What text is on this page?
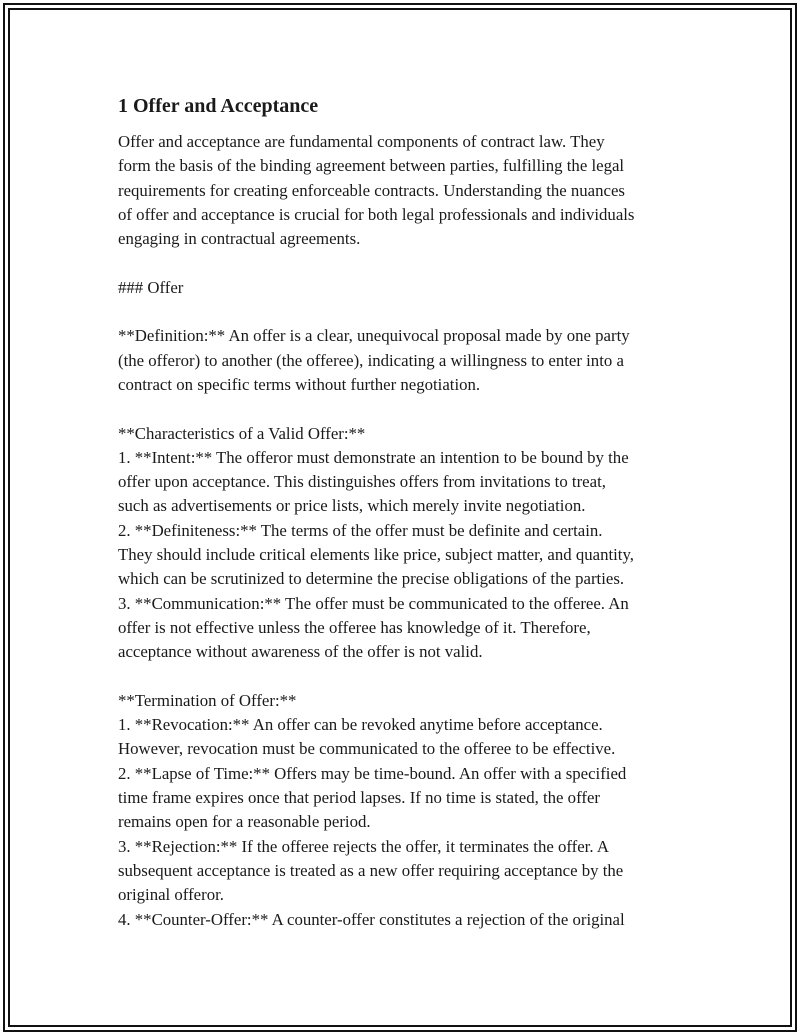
1 Offer and Acceptance
Offer and acceptance are fundamental components of contract law. They
form the basis of the binding agreement between parties, fulfilling the legal
requirements for creating enforceable contracts. Understanding the nuances
of offer and acceptance is crucial for both legal professionals and individuals
engaging in contractual agreements.
### Offer
**Definition:** An offer is a clear, unequivocal proposal made by one party
(the offeror) to another (the offeree), indicating a willingness to enter into a
contract on specific terms without further negotiation.
**Characteristics of a Valid Offer:**
1. **Intent:** The offeror must demonstrate an intention to be bound by the
offer upon acceptance. This distinguishes offers from invitations to treat,
such as advertisements or price lists, which merely invite negotiation.
2. **Definiteness:** The terms of the offer must be definite and certain.
They should include critical elements like price, subject matter, and quantity,
which can be scrutinized to determine the precise obligations of the parties.
3. **Communication:** The offer must be communicated to the offeree. An
offer is not effective unless the offeree has knowledge of it. Therefore,
acceptance without awareness of the offer is not valid.
**Termination of Offer:**
1. **Revocation:** An offer can be revoked anytime before acceptance.
However, revocation must be communicated to the offeree to be effective.
2. **Lapse of Time:** Offers may be time-bound. An offer with a specified
time frame expires once that period lapses. If no time is stated, the offer
remains open for a reasonable period.
3. **Rejection:** If the offeree rejects the offer, it terminates the offer. A
subsequent acceptance is treated as a new offer requiring acceptance by the
original offeror.
4. **Counter-Offer:** A counter-offer constitutes a rejection of the original
